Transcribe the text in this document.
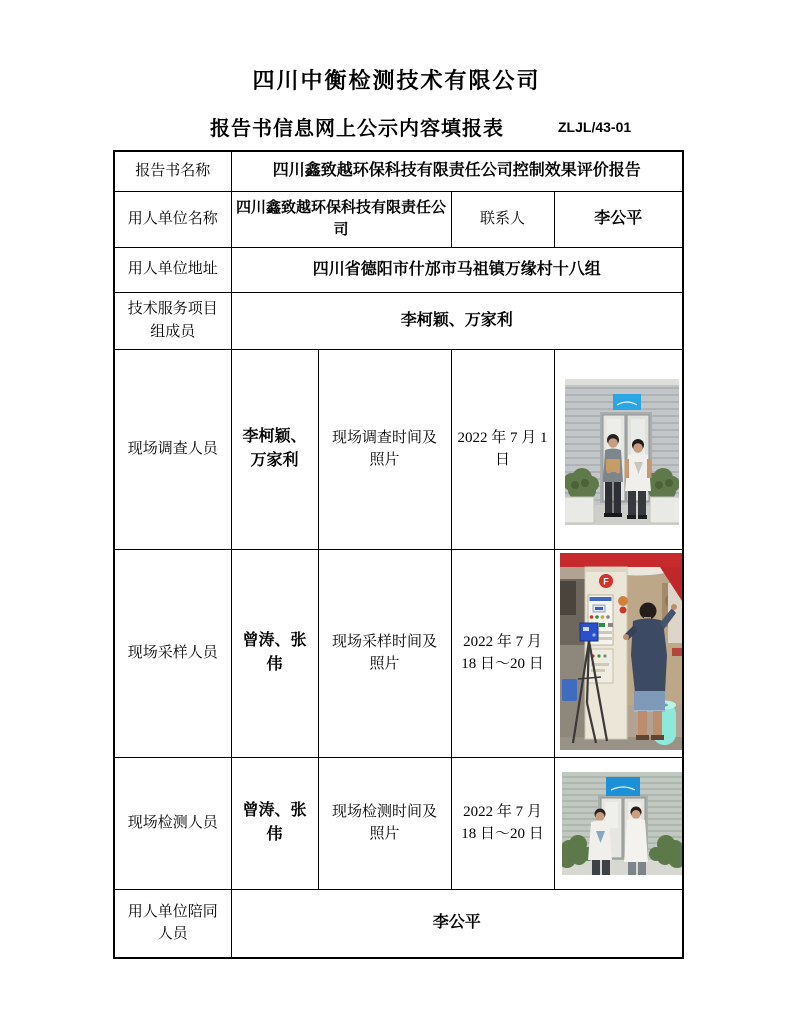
四川中衡检测技术有限公司
报告书信息网上公示内容填报表	ZLJL/43-01
报告书名称	四川鑫致越环保科技有限责任公司控制效果评价报告			
用人单位名称	四川鑫致越环保科技有限责任公司		联系人	李公平
用人单位地址	四川省德阳市什邡市马祖镇万缘村十八组			
技术服务项目组成员	李柯颖、万家利			
现场调查人员	李柯颖、万家利	现场调查时间及照片	2022 年 7 月 1 日	

现场采样人员	曾涛、张伟	现场采样时间及照片	2022 年 7 月 18 日～20 日	F

现场检测人员	曾涛、张伟	现场检测时间及照片	2022 年 7 月 18 日～20 日	

用人单位陪同人员	李公平			
